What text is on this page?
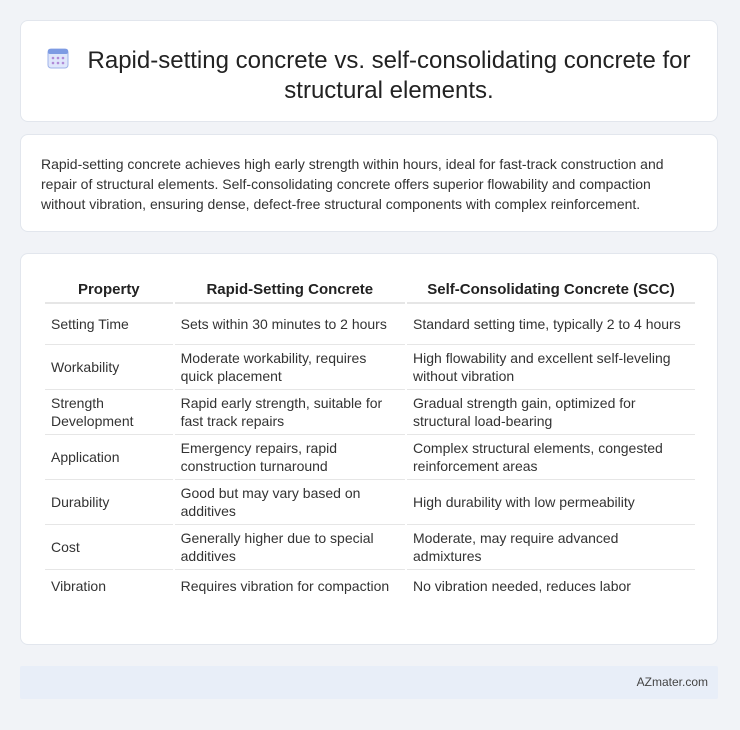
Rapid-setting concrete vs. self-consolidating concrete for structural elements.
Rapid-setting concrete achieves high early strength within hours, ideal for fast-track construction and repair of structural elements. Self-consolidating concrete offers superior flowability and compaction without vibration, ensuring dense, defect-free structural components with complex reinforcement.
Property	Rapid-Setting Concrete	Self-Consolidating Concrete (SCC)
Setting Time	Sets within 30 minutes to 2 hours	Standard setting time, typically 2 to 4 hours
Workability	Moderate workability, requires quick placement	High flowability and excellent self-leveling without vibration
Strength Development	Rapid early strength, suitable for fast track repairs	Gradual strength gain, optimized for structural load-bearing
Application	Emergency repairs, rapid construction turnaround	Complex structural elements, congested reinforcement areas
Durability	Good but may vary based on additives	High durability with low permeability
Cost	Generally higher due to special additives	Moderate, may require advanced admixtures
Vibration	Requires vibration for compaction	No vibration needed, reduces labor
AZmater.com
